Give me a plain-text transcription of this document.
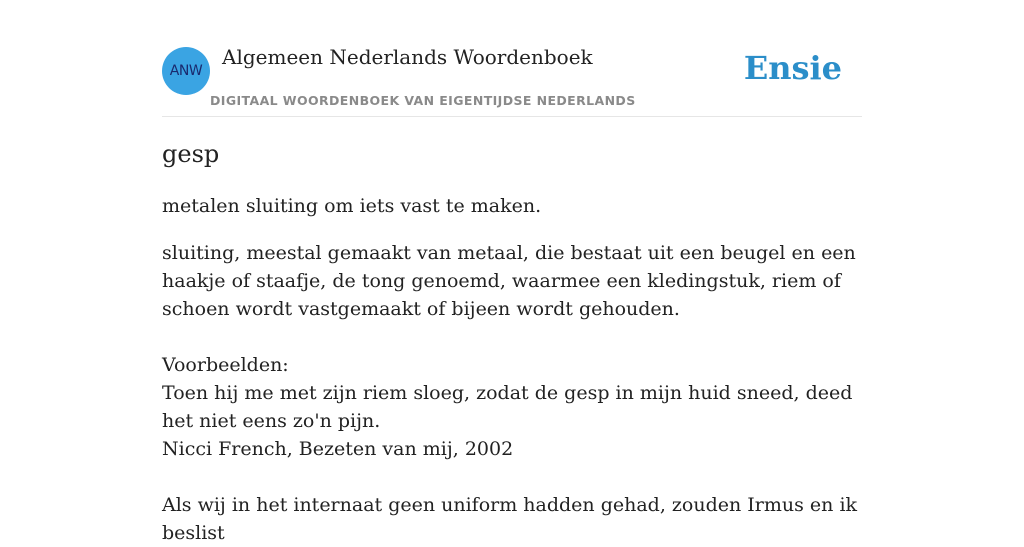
ANW
Algemeen Nederlands Woordenboek
DIGITAAL WOORDENBOEK VAN EIGENTIJDSE NEDERLANDS
Ensie
gesp
metalen sluiting om iets vast te maken.

sluiting, meestal gemaakt van metaal, die bestaat uit een beugel en een haakje of staafje, de tong genoemd, waarmee een kledingstuk, riem of schoen wordt vastgemaakt of bijeen wordt gehouden.

Voorbeelden:

Toen hij me met zijn riem sloeg, zodat de gesp in mijn huid sneed, deed het niet eens zo'n pijn.

Nicci French, Bezeten van mij, 2002

Als wij in het internaat geen uniform hadden gehad, zouden Irmus en ik beslist
